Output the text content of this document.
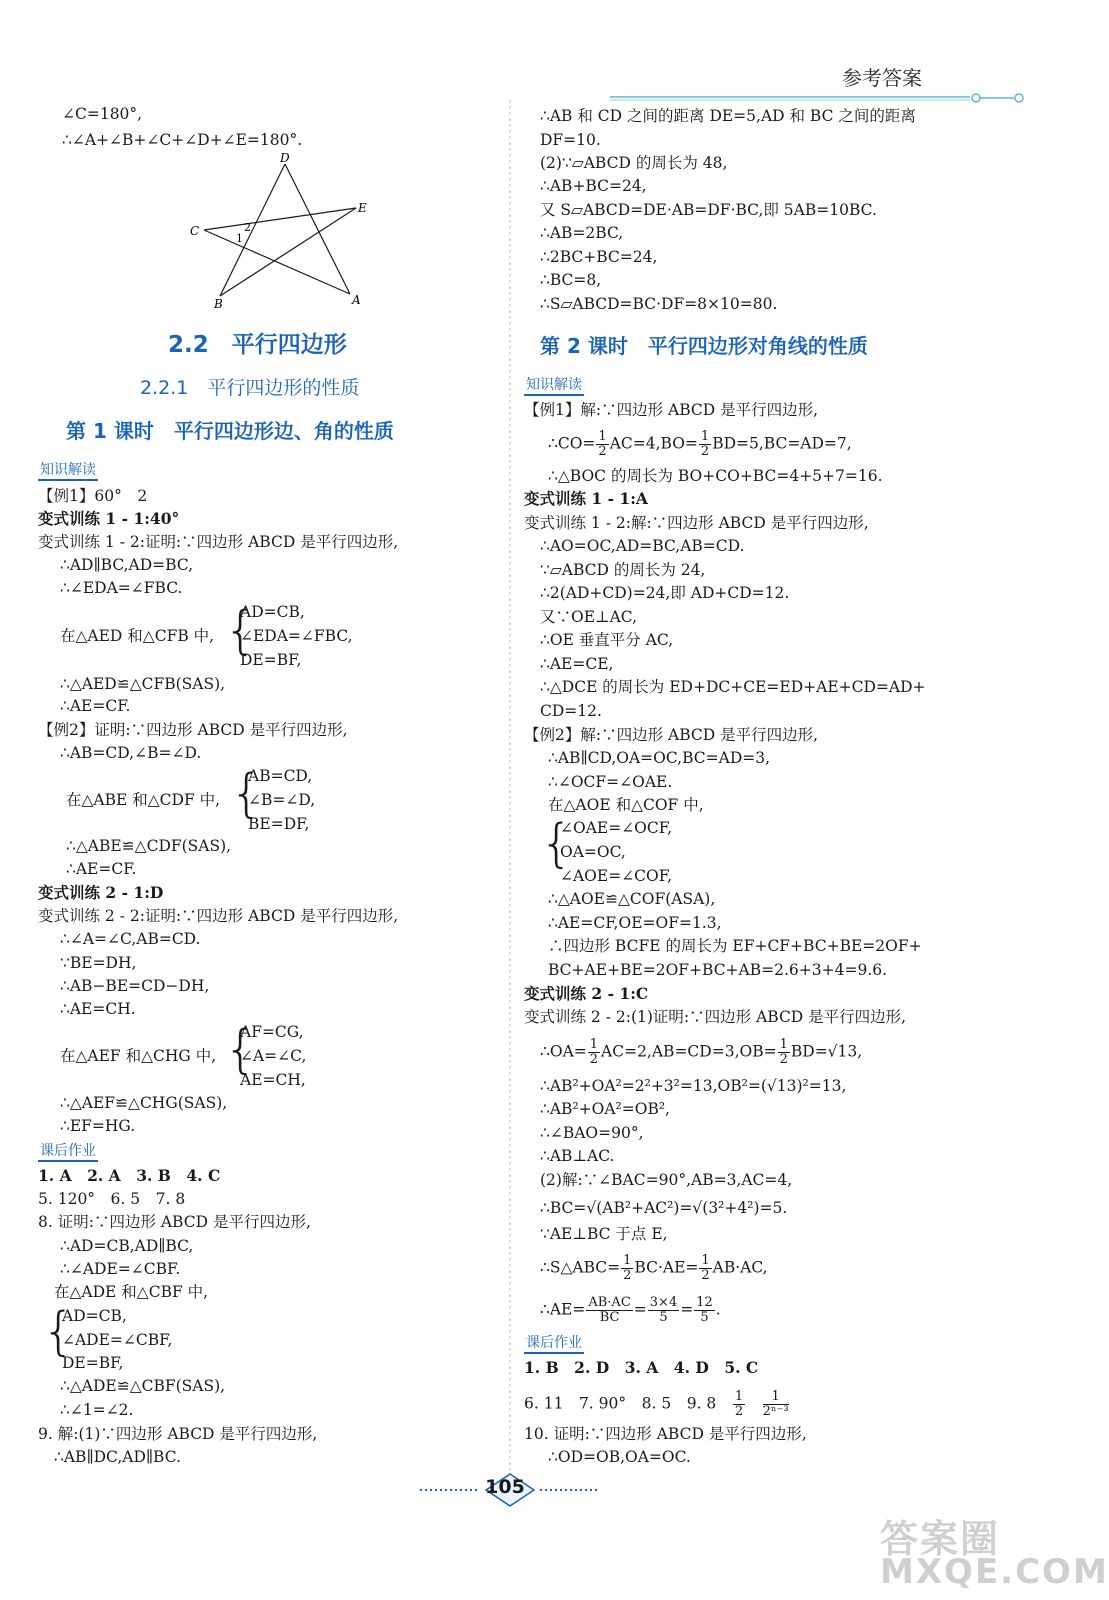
参考答案
∠C=180°,
∴∠A+∠B+∠C+∠D+∠E=180°.
D
E
C
1
2
B	A
2.2　平行四边形
2.2.1　平行四边形的性质
第 1 课时　平行四边形边、角的性质
知识解读
【例1】60°　2
变式训练 1 - 1:40°
变式训练 1 - 2:证明:∵四边形 ABCD 是平行四边形,
∴AD∥BC,AD=BC,
∴∠EDA=∠FBC.
在△AED 和△CFB 中, {
AD=CB,
∠EDA=∠FBC,
DE=BF,
∴△AED≌△CFB(SAS),
∴AE=CF.
【例2】证明:∵四边形 ABCD 是平行四边形,
∴AB=CD,∠B=∠D.
在△ABE 和△CDF 中, {
AB=CD,
∠B=∠D,
BE=DF,
∴△ABE≌△CDF(SAS),
∴AE=CF.
变式训练 2 - 1:D
变式训练 2 - 2:证明:∵四边形 ABCD 是平行四边形,
∴∠A=∠C,AB=CD.
∵BE=DH,
∴AB−BE=CD−DH,
∴AE=CH.
在△AEF 和△CHG 中, {
AF=CG,
∠A=∠C,
AE=CH,
∴△AEF≌△CHG(SAS),
∴EF=HG.
课后作业
1. A　2. A　3. B　4. C
5. 120°　6. 5　7. 8
8. 证明:∵四边形 ABCD 是平行四边形,
∴AD=CB,AD∥BC,
∴∠ADE=∠CBF.
在△ADE 和△CBF 中,
{
AD=CB,
∠ADE=∠CBF,
DE=BF,
∴△ADE≌△CBF(SAS),
∴∠1=∠2.
9. 解:(1)∵四边形 ABCD 是平行四边形,
∴AB∥DC,AD∥BC.
∴AB 和 CD 之间的距离 DE=5,AD 和 BC 之间的距离
DF=10.
(2)∵▱ABCD 的周长为 48,
∴AB+BC=24,
又 S▱ABCD=DE·AB=DF·BC,即 5AB=10BC.
∴AB=2BC,
∴2BC+BC=24,
∴BC=8,
∴S▱ABCD=BC·DF=8×10=80.
第 2 课时　平行四边形对角线的性质
知识解读
【例1】解:∵四边形 ABCD 是平行四边形,
∴CO= $\frac{1}{2} AC=4,BO= \frac{1}{2} BD=5,BC=AD=7$,
∴△BOC 的周长为 BO+CO+BC=4+5+7=16.
变式训练 1 - 1:A
变式训练 1 - 2:解:∵四边形 ABCD 是平行四边形,
∴AO=OC,AD=BC,AB=CD.
∵▱ABCD 的周长为 24,
∴2(AD+CD)=24,即 AD+CD=12.
又∵OE⊥AC,
∴OE 垂直平分 AC,
∴AE=CE,
∴△DCE 的周长为 ED+DC+CE=ED+AE+CD=AD+
CD=12.
【例2】解:∵四边形 ABCD 是平行四边形,
∴AB∥CD,OA=OC,BC=AD=3,
∴∠OCF=∠OAE.
在△AOE 和△COF 中,
{
∠OAE=∠OCF,
OA=OC,
∠AOE=∠COF,
∴△AOE≌△COF(ASA),
∴AE=CF,OE=OF=1.3,
∴四边形 BCFE 的周长为 EF+CF+BC+BE=2OF+
BC+AE+BE=2OF+BC+AB=2.6+3+4=9.6.
变式训练 2 - 1:C
变式训练 2 - 2:(1)证明:∵四边形 ABCD 是平行四边形,
∴OA= $\frac{1}{2} AC=2,AB=CD=3,OB= \frac{1}{2} BD=√13$,
∴AB²+OA²=2²+3²=13,OB²=(√13)²=13,
∴AB²+OA²=OB²,
∴∠BAO=90°,
∴AB⊥AC.
(2)解:∵∠BAC=90°,AB=3,AC=4,
∴BC=√(AB²+AC²)=√(3²+4²)=5.
∵AE⊥BC 于点 E,
∴S△ABC= $\frac{1}{2} BC\cdot AE= \frac{1}{2} AB\cdot AC$,
∴AE= $\frac{AB\cdot AC}{BC} = \frac{3\times 4}{5} = \frac{12}{5}$ .
课后作业
1. B　2. D　3. A　4. D　5. C
6. 11　7. 90°　8. 5　9. 8　 $\frac{1}{2}$
　 $\frac{1}{\text{2ⁿ⁻³}}$
10. 证明:∵四边形 ABCD 是平行四边形,
∴OD=OB,OA=OC.
105
答案圈
MXQE.COM
